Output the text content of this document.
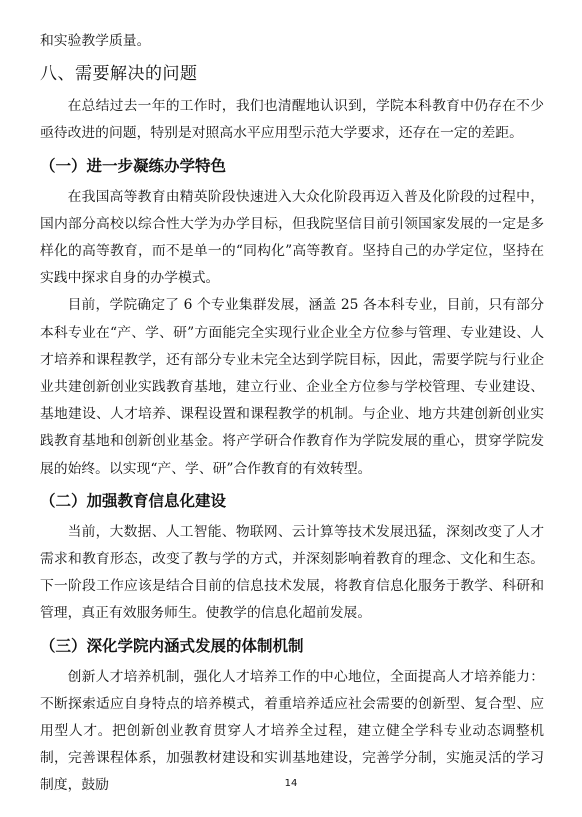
和实验教学质量。

八、需要解决的问题

在总结过去一年的工作时，我们也清醒地认识到，学院本科教育中仍存在不少亟待改进的问题，特别是对照高水平应用型示范大学要求，还存在一定的差距。

（一）进一步凝练办学特色

在我国高等教育由精英阶段快速进入大众化阶段再迈入普及化阶段的过程中，国内部分高校以综合性大学为办学目标，但我院坚信目前引领国家发展的一定是多样化的高等教育，而不是单一的“同构化”高等教育。坚持自己的办学定位，坚持在实践中探求自身的办学模式。

目前，学院确定了 6 个专业集群发展，涵盖 25 各本科专业，目前，只有部分本科专业在“产、学、研”方面能完全实现行业企业全方位参与管理、专业建设、人才培养和课程教学，还有部分专业未完全达到学院目标，因此，需要学院与行业企业共建创新创业实践教育基地，建立行业、企业全方位参与学校管理、专业建设、基地建设、人才培养、课程设置和课程教学的机制。与企业、地方共建创新创业实践教育基地和创新创业基金。将产学研合作教育作为学院发展的重心，贯穿学院发展的始终。以实现“产、学、研”合作教育的有效转型。

（二）加强教育信息化建设

当前，大数据、人工智能、物联网、云计算等技术发展迅猛，深刻改变了人才需求和教育形态，改变了教与学的方式，并深刻影响着教育的理念、文化和生态。下一阶段工作应该是结合目前的信息技术发展，将教育信息化服务于教学、科研和管理，真正有效服务师生。使教学的信息化超前发展。

（三）深化学院内涵式发展的体制机制

创新人才培养机制，强化人才培养工作的中心地位，全面提高人才培养能力：不断探索适应自身特点的培养模式，着重培养适应社会需要的创新型、复合型、应用型人才。把创新创业教育贯穿人才培养全过程，建立健全学科专业动态调整机制，完善课程体系，加强教材建设和实训基地建设，完善学分制，实施灵活的学习制度，鼓励	14
